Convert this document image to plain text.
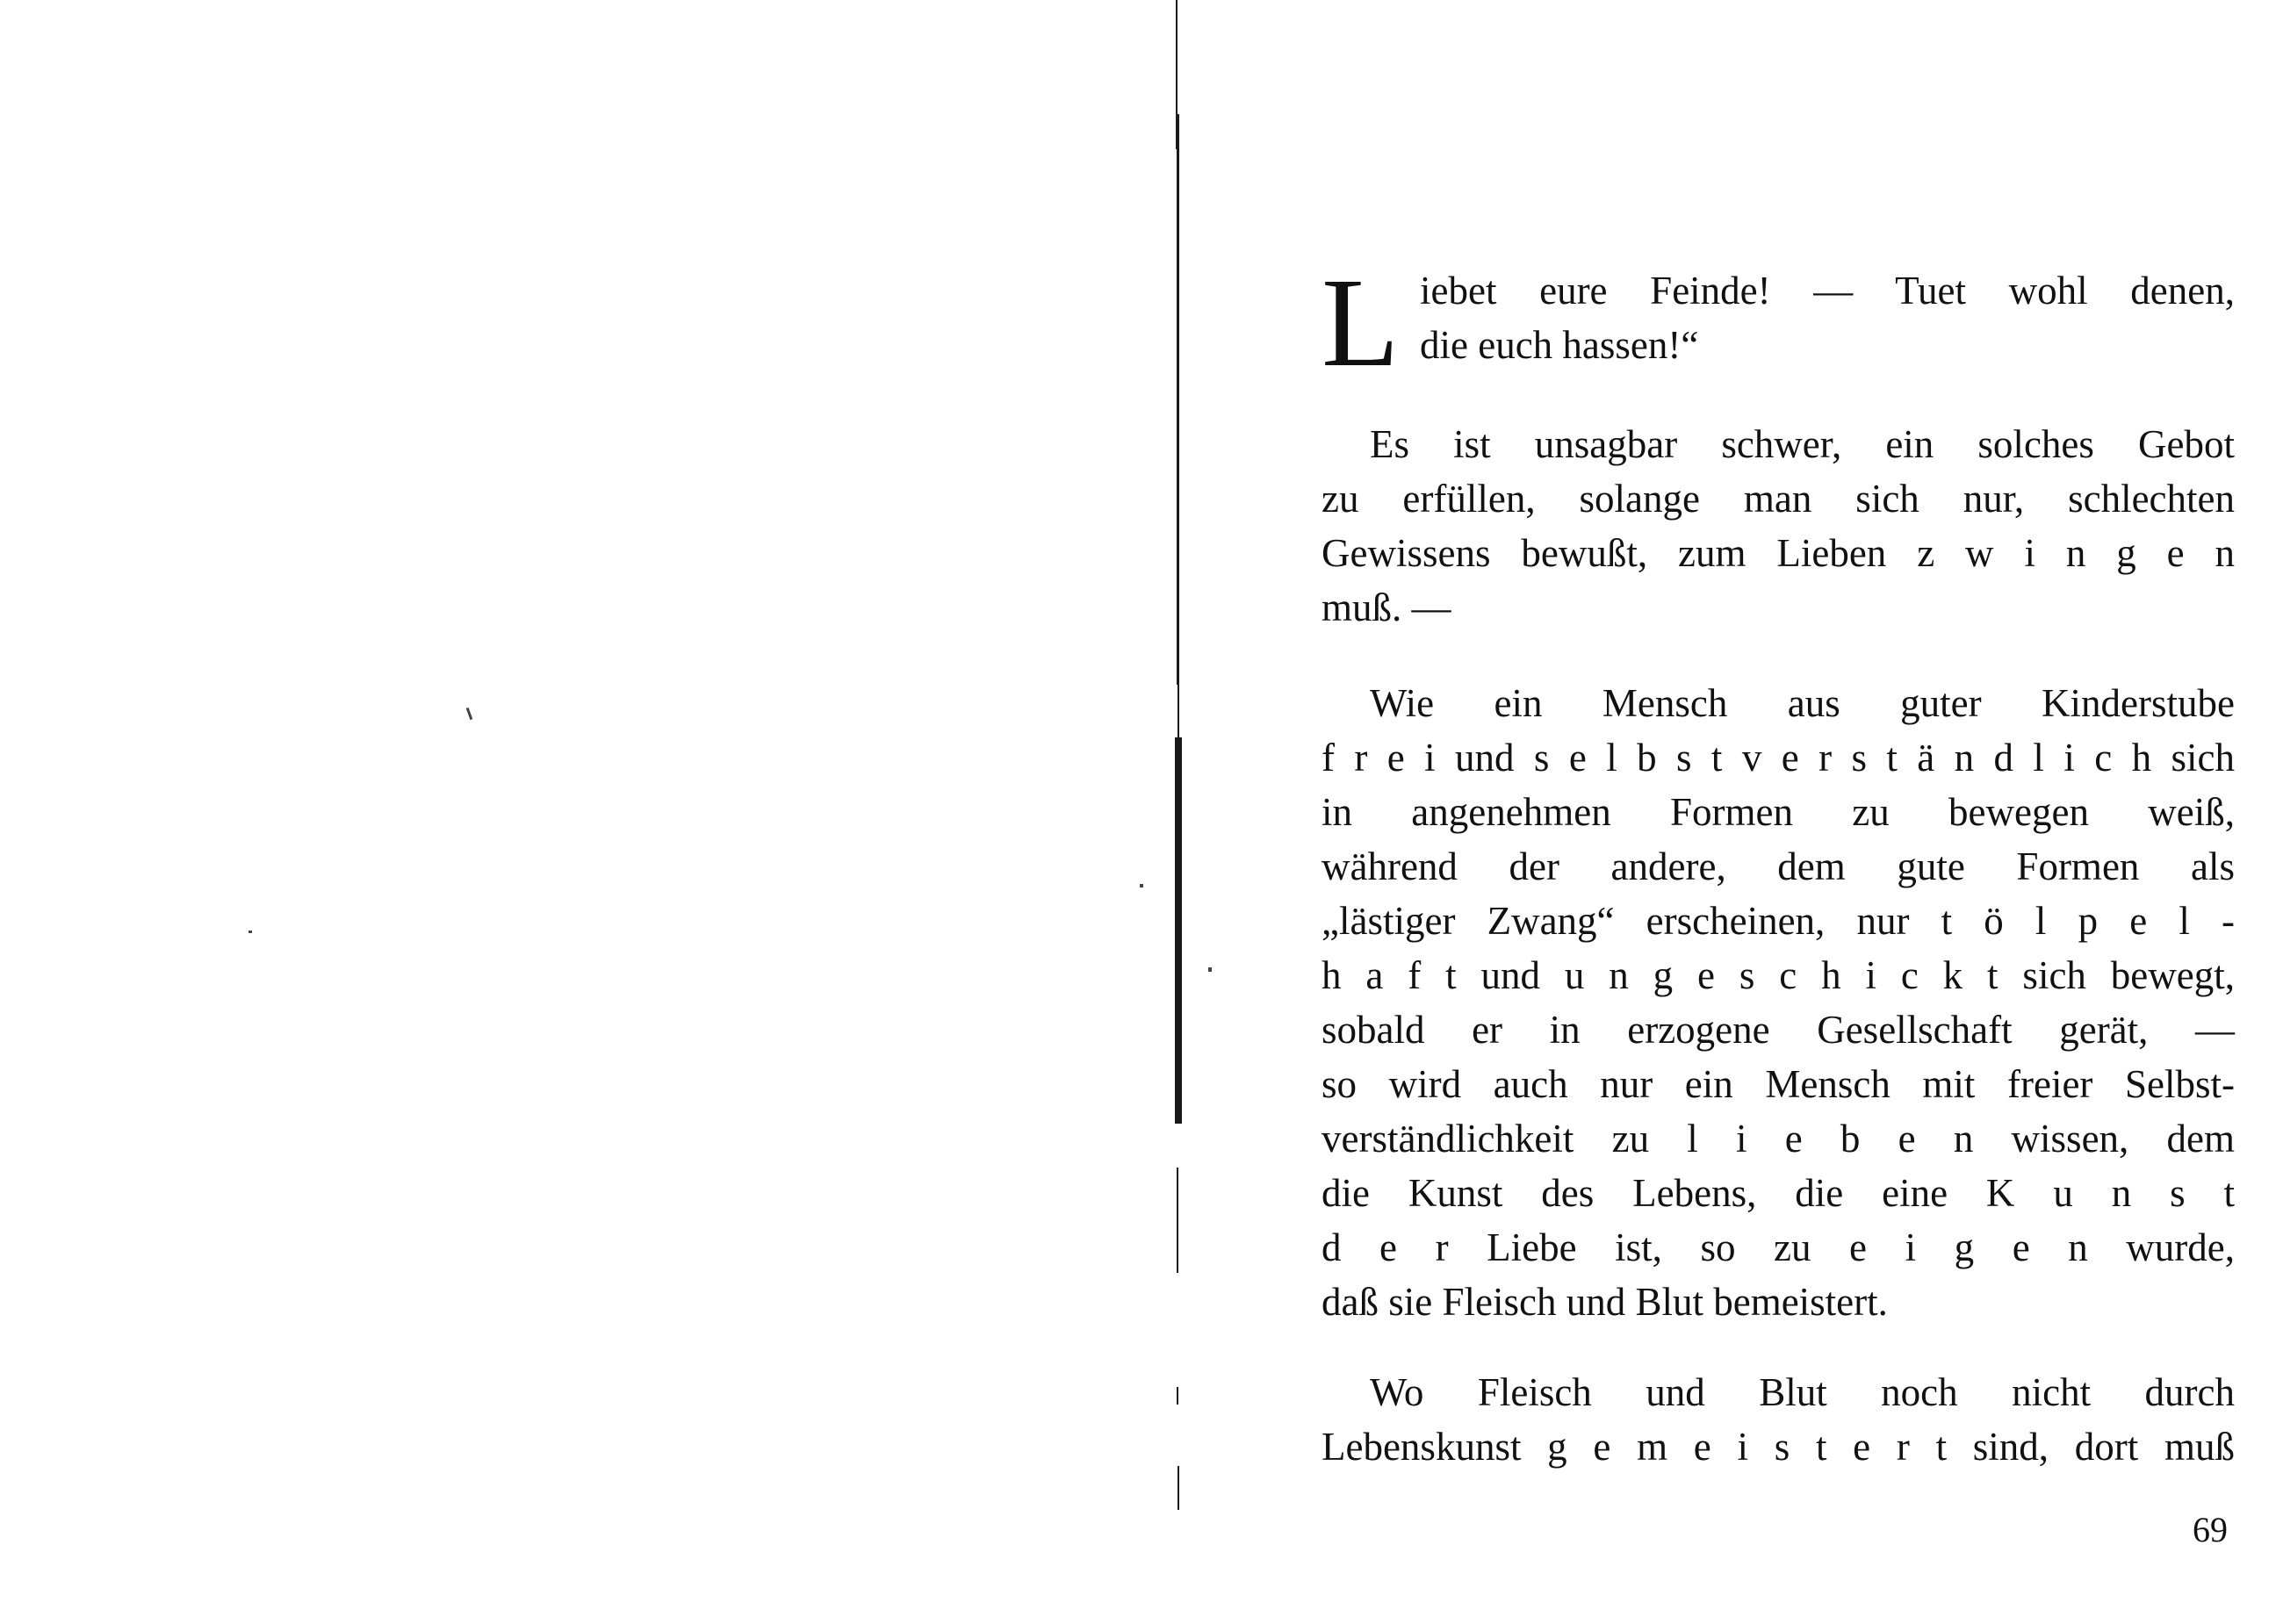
L iebet eure Feinde! — Tuet wohl denen,
die euch hassen!“
Es ist unsagbar schwer, ein solches Gebot
zu erfüllen, solange man sich nur, schlechten
Gewissens bewußt, zum Lieben z w i n g e n
muß. —
Wie ein Mensch aus guter Kinderstube
f r e i und s e l b s t v e r s t ä n d l i c h sich
in angenehmen Formen zu bewegen weiß,
während der andere, dem gute Formen als
„lästiger Zwang“ erscheinen, nur t ö l p e l -
h a f t und u n g e s c h i c k t sich bewegt,
sobald er in erzogene Gesellschaft gerät, —
so wird auch nur ein Mensch mit freier Selbst-
verständlichkeit zu l i e b e n wissen, dem
die Kunst des Lebens, die eine K u n s t
d e r Liebe ist, so zu e i g e n wurde,
daß sie Fleisch und Blut bemeistert.
Wo Fleisch und Blut noch nicht durch
Lebenskunst g e m e i s t e r t sind, dort muß
69
